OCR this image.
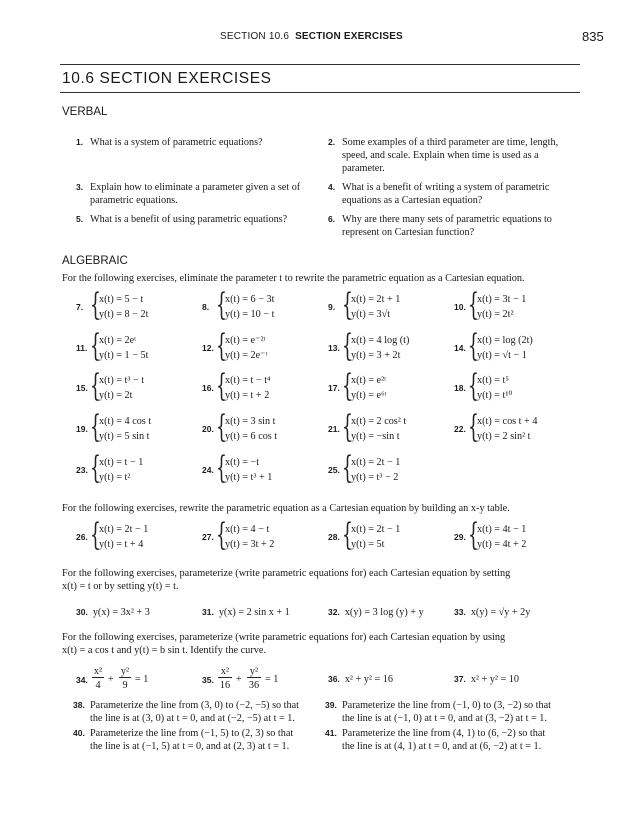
SECTION 10.6 SECTION EXERCISES	835
10.6 SECTION EXERCISES
VERBAL
1. What is a system of parametric equations?	2. Some examples of a third parameter are time, length,
speed, and scale. Explain when time is used as a
parameter.
3. Explain how to eliminate a parameter given a set of
parametric equations.
4. What is a benefit of writing a system of parametric
equations as a Cartesian equation?
5. What is a benefit of using parametric equations?	6. Why are there many sets of parametric equations to
represent on Cartesian function?
ALGEBRAIC
For the following exercises, eliminate the parameter t to rewrite the parametric equation as a Cartesian equation.
7. {
x(t) = 5 − t
y(t) = 8 − 2t
8. {
x(t) = 6 − 3t
y(t) = 10 − t
9. {
x(t) = 2t + 1
y(t) = 3√t
10. {
x(t) = 3t − 1
y(t) = 2t²
11. {
x(t) = 2eᵗ
y(t) = 1 − 5t
12. {
x(t) = e⁻²ᵗ
y(t) = 2e⁻ᵗ
13. {
x(t) = 4 log (t)
y(t) = 3 + 2t
14. {
x(t) = log (2t)
y(t) = √t − 1
15. {
x(t) = t³ − t
y(t) = 2t
16. {
x(t) = t − t⁴
y(t) = t + 2
17. {
x(t) = e²ᵗ
y(t) = e⁶ᵗ
18. {
x(t) = t⁵
y(t) = t¹⁰
19. {
x(t) = 4 cos t
y(t) = 5 sin t
20. {
x(t) = 3 sin t
y(t) = 6 cos t
21. {
x(t) = 2 cos² t
y(t) = −sin t
22. {
x(t) = cos t + 4
y(t) = 2 sin² t
23. {
x(t) = t − 1
y(t) = t²
24. {
x(t) = −t
y(t) = t³ + 1
25. {
x(t) = 2t − 1
y(t) = t³ − 2
For the following exercises, rewrite the parametric equation as a Cartesian equation by building an x-y table.
26. {
x(t) = 2t − 1
y(t) = t + 4
27. {
x(t) = 4 − t
y(t) = 3t + 2
28. {
x(t) = 2t − 1
y(t) = 5t
29. {
x(t) = 4t − 1
y(t) = 4t + 2
For the following exercises, parameterize (write parametric equations for) each Cartesian equation by setting
x(t) = t or by setting y(t) = t.
30. y(x) = 3x² + 3	31. y(x) = 2 sin x + 1	32. x(y) = 3 log (y) + y	33. x(y) = √y + 2y
For the following exercises, parameterize (write parametric equations for) each Cartesian equation by using
x(t) = a cos t and y(t) = b sin t. Identify the curve.
34.
x²
4
+
y²
9
= 1	35.
x²
16
+
y²
36
= 1	36. x² + y² = 16	37. x² + y² = 10
38. Parameterize the line from (3, 0) to (−2, −5) so that
the line is at (3, 0) at t = 0, and at (−2, −5) at t = 1.
39. Parameterize the line from (−1, 0) to (3, −2) so that
the line is at (−1, 0) at t = 0, and at (3, −2) at t = 1.
40. Parameterize the line from (−1, 5) to (2, 3) so that
the line is at (−1, 5) at t = 0, and at (2, 3) at t = 1.
41. Parameterize the line from (4, 1) to (6, −2) so that
the line is at (4, 1) at t = 0, and at (6, −2) at t = 1.
